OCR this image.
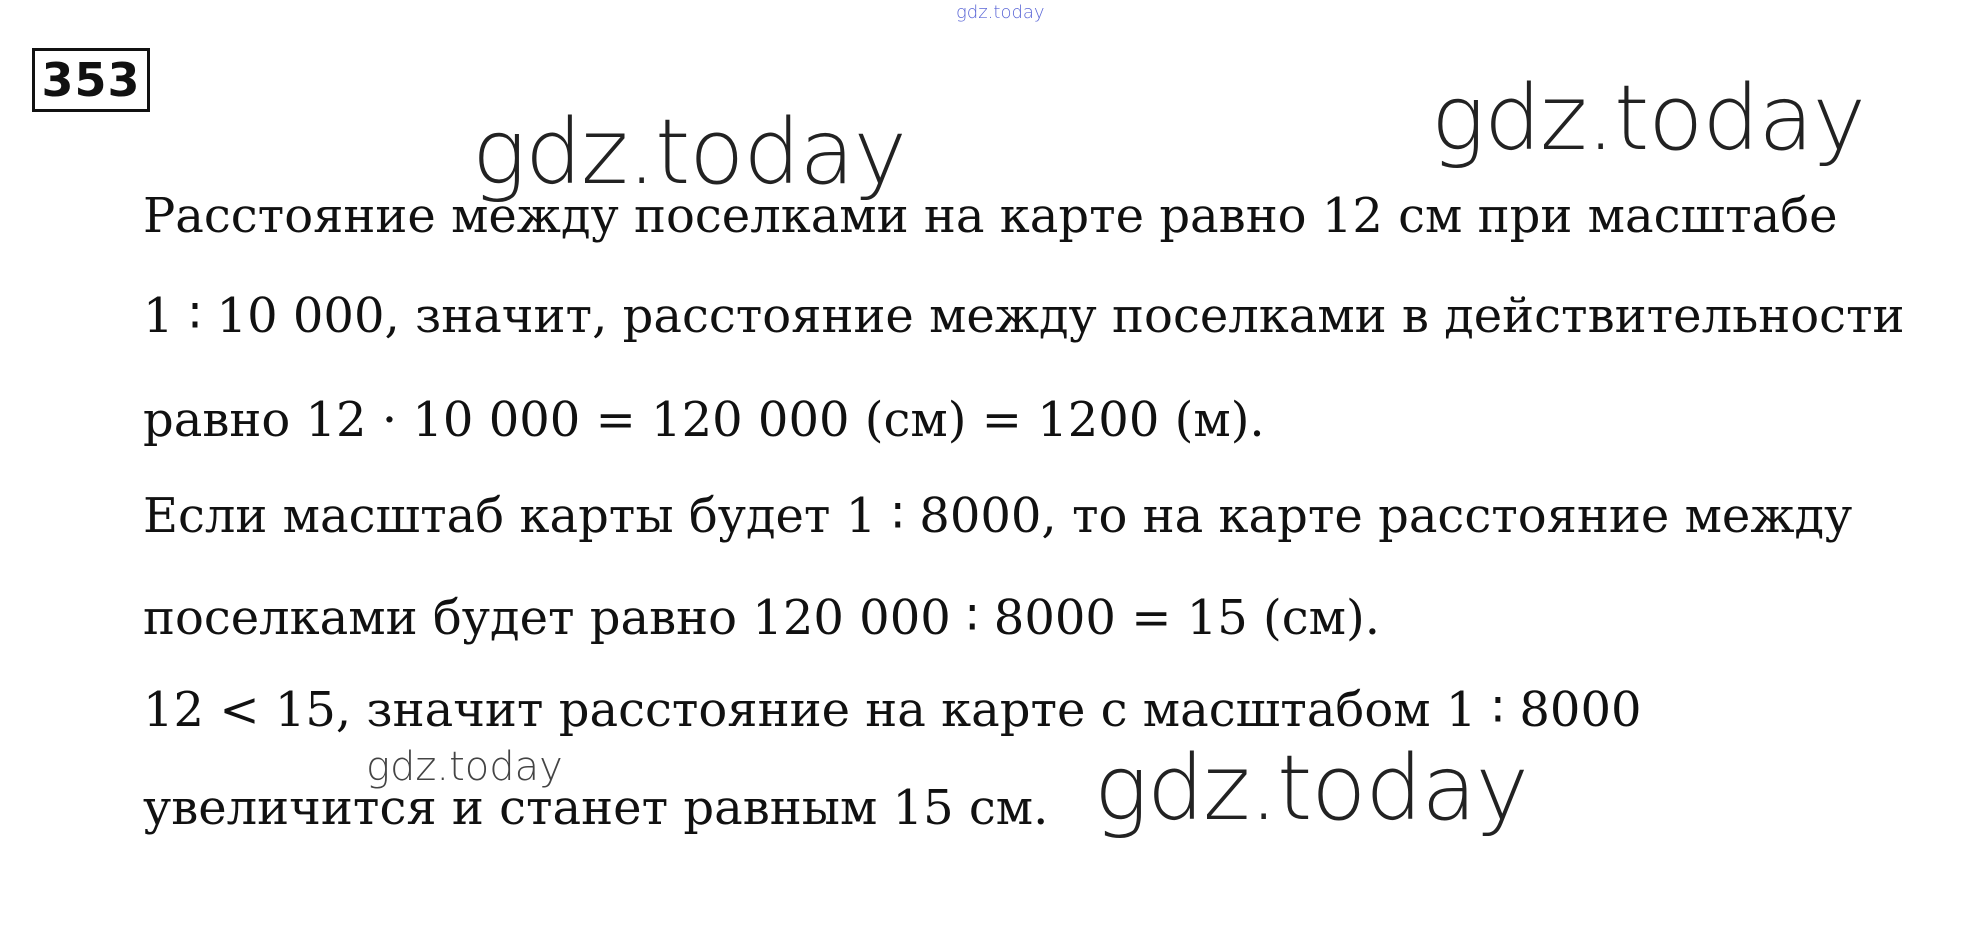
gdz.today
353
gdz.today	gdz.today
Расстояние между поселками на карте равно 12 см при масштабе
1 ∶ 10 000, значит, расстояние между поселками в действительности
равно 12 · 10 000 = 120 000 (см) = 1200 (м).
Если масштаб карты будет 1 ∶ 8000, то на карте расстояние между
поселками будет равно 120 000 ∶ 8000 = 15 (см).
12 < 15, значит расстояние на карте с масштабом 1 ∶ 8000
увеличится и станет равным 15 см.
gdz.today	gdz.today
